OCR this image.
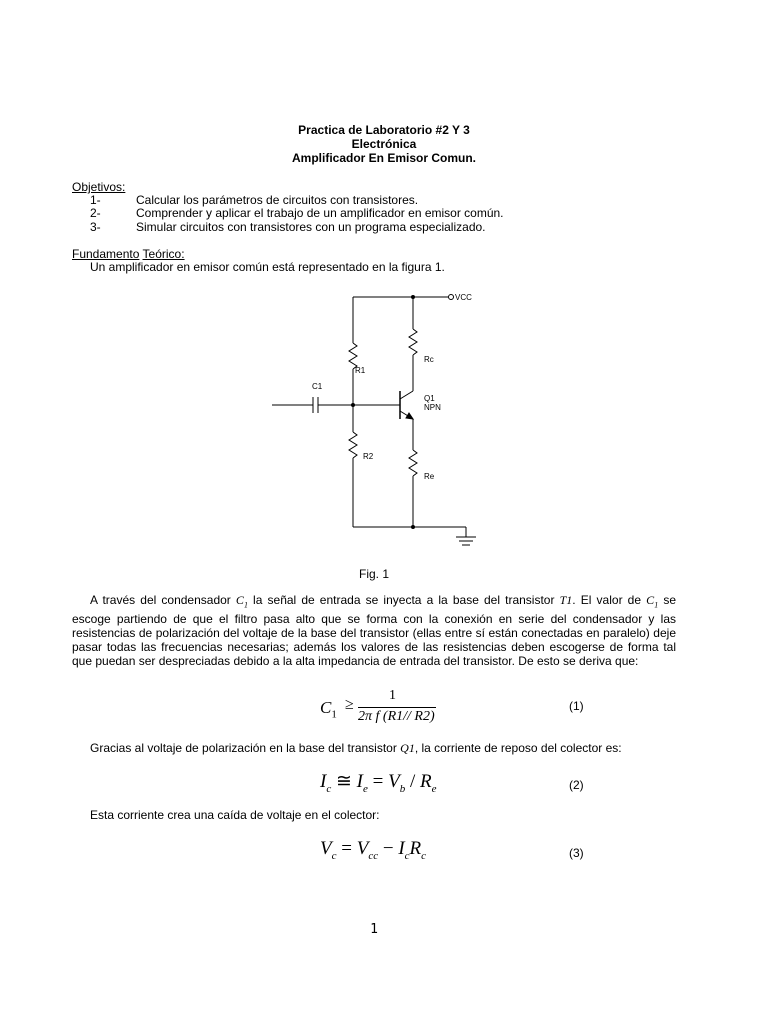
Practica de Laboratorio #2 Y 3
Electrónica
Amplificador En Emisor Comun.
Objetivos:
1-	Calcular los parámetros de circuitos con transistores.
2-	Comprender y aplicar el trabajo de un amplificador en emisor común.
3-	Simular circuitos con transistores con un programa especializado.
Fundamento Teórico:
Un amplificador en emisor común está representado en la figura 1.
VCC
Rc
R1
C1
Q1
NPN
R2
Re
Fig. 1
A través del condensador $C_1$ la señal de entrada se inyecta a la base del transistor T1. El valor de $C_1$ se escoge partiendo de que el filtro pasa alto que se forma con la conexión en serie del condensador y las resistencias de polarización del voltaje de la base del transistor (ellas entre sí están conectadas en paralelo) deje pasar todas las frecuencias necesarias; además los valores de las resistencias deben escogerse de forma tal que puedan ser despreciadas debido a la alta impedancia de entrada del transistor. De esto se deriva que:
$C_1$
≥
1
2π f (R1// R2)
(1)
Gracias al voltaje de polarización en la base del transistor Q1, la corriente de reposo del colector es:
$I_c$ ≅ $I_e = V_b / R_e$	(2)
Esta corriente crea una caída de voltaje en el colector:
$V_c = V_{cc} - I_cR_c$	(3)
1
